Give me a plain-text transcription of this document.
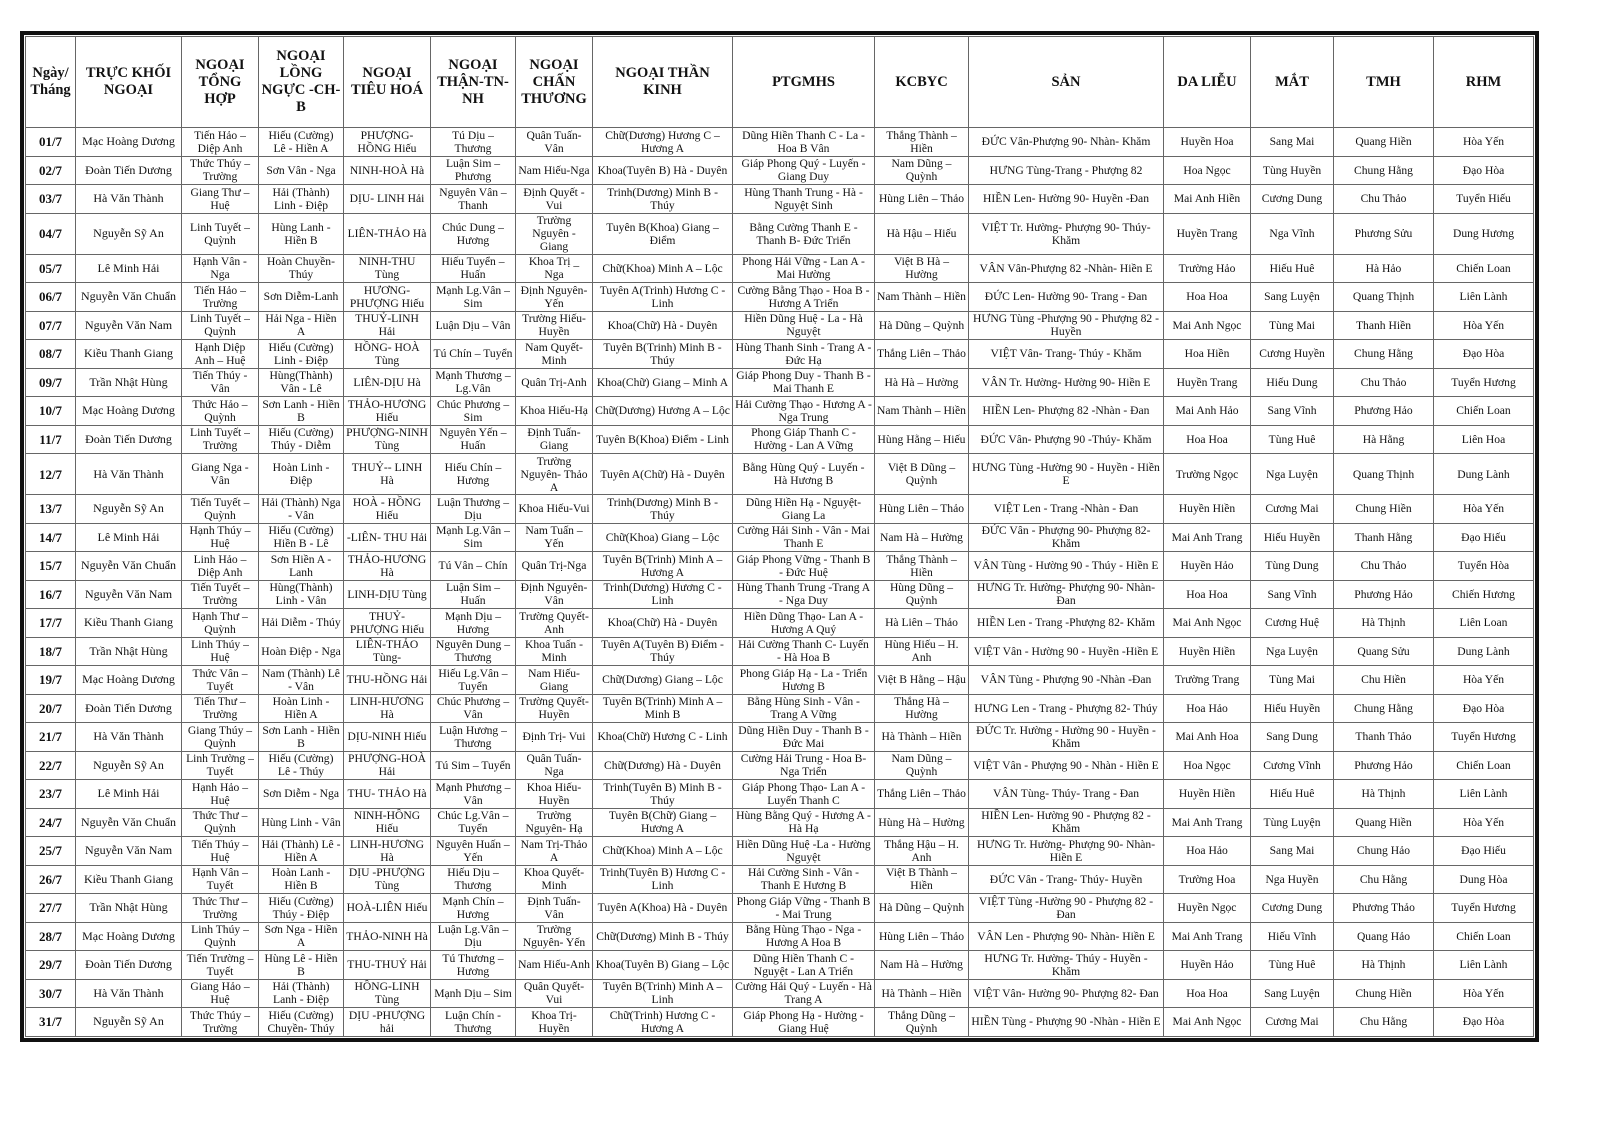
Ngày/ Tháng	TRỰC KHỐI NGOẠI	NGOẠI TỔNG HỢP	NGOẠI LỒNG NGỰC -CH-B	NGOẠI TIÊU HOÁ	NGOẠI THẬN-TN-NH	NGOẠI CHẤN THƯƠNG	NGOẠI THẦN KINH	PTGMHS	KCBYC	SẢN	DA LIỄU	MẮT	TMH	RHM
01/7	Mạc Hoàng Dương	Tiến Hảo – Diệp Anh	Hiếu (Cường) Lê - Hiền A	PHƯỢNG-HỒNG Hiếu	Tú Dịu – Thương	Quân Tuấn-Vân	Chữ(Dương) Hương C – Hương A	Dũng Hiền Thanh C - La - Hoa B Vân	Thắng Thành – Hiền	ĐỨC Vân-Phượng 90- Nhàn- Khăm	Huyền Hoa	Sang Mai	Quang Hiền	Hòa Yến
02/7	Đoàn Tiến Dương	Thức Thúy – Trường	Sơn Vân - Nga	NINH-HOÀ Hà	Luận Sim – Phương	Nam Hiếu-Nga	Khoa(Tuyên B) Hà - Duyên	Giáp Phong Quý - Luyến - Giang Duy	Nam Dũng – Quỳnh	HƯNG Tùng-Trang - Phượng 82	Hoa Ngọc	Tùng Huyền	Chung Hằng	Đạo Hòa
03/7	Hà Văn Thành	Giang Thư – Huệ	Hải (Thành) Linh - Điệp	DỊU- LINH Hải	Nguyên Vân – Thanh	Định Quyết - Vui	Trinh(Dương) Minh B - Thúy	Hùng Thanh Trung - Hà - Nguyệt Sinh	Hùng Liên – Thảo	HIỀN Len- Hường 90- Huyền -Đan	Mai Anh Hiền	Cương Dung	Chu Thảo	Tuyển Hiếu
04/7	Nguyễn Sỹ An	Linh Tuyết – Quỳnh	Hùng Lanh - Hiền B	LIÊN-THẢO Hà	Chúc Dung – Hương	Trường Nguyên - Giang	Tuyên B(Khoa) Giang – Điểm	Bằng Cường Thanh E - Thanh B- Đức Triển	Hà Hậu – Hiếu	VIỆT Tr. Hường- Phượng 90- Thúy- Khăm	Huyền Trang	Nga Vĩnh	Phương Sửu	Dung Hương
05/7	Lê Minh Hải	Hạnh Vân - Nga	Hoàn Chuyền-Thúy	NINH-THU Tùng	Hiếu Tuyển – Huấn	Khoa Trị _ Nga	Chữ(Khoa) Minh A – Lộc	Phong Hải Vững - Lan A - Mai Hường	Việt B Hà – Hường	VÂN Vân-Phượng 82 -Nhàn- Hiền E	Trường Hảo	Hiếu Huê	Hà Hảo	Chiến Loan
06/7	Nguyễn Văn Chuẩn	Tiến Hảo – Trường	Sơn Diễm-Lanh	HƯƠNG-PHƯỢNG Hiếu	Mạnh Lg.Vân – Sim	Định Nguyên-Yến	Tuyên A(Trinh) Hương C - Linh	Cường Bằng Thạo - Hoa B - Hương A Triển	Nam Thành – Hiền	ĐỨC Len- Hường 90- Trang - Đan	Hoa Hoa	Sang Luyện	Quang Thịnh	Liên Lành
07/7	Nguyễn Văn Nam	Linh Tuyết – Quỳnh	Hải Nga - Hiền A	THUỶ-LINH Hải	Luận Dịu – Vân	Trường Hiếu-Huyền	Khoa(Chữ) Hà - Duyên	Hiền Dũng Huệ - La - Hà Nguyệt	Hà Dũng – Quỳnh	HƯNG Tùng -Phượng 90 - Phượng 82 - Huyền	Mai Anh Ngọc	Tùng Mai	Thanh Hiền	Hòa Yến
08/7	Kiều Thanh Giang	Hạnh Diệp Anh – Huệ	Hiếu (Cường) Linh - Điệp	HỒNG- HOÀ Tùng	Tú Chín – Tuyển	Nam Quyết-Minh	Tuyên B(Trinh) Minh B - Thúy	Hùng Thanh Sinh - Trang A - Đức Hạ	Thắng Liên – Thảo	VIỆT Vân- Trang- Thúy - Khăm	Hoa Hiền	Cương Huyền	Chung Hằng	Đạo Hòa
09/7	Trần Nhật Hùng	Tiến Thúy - Vân	Hùng(Thành) Vân - Lê	LIÊN-DỊU Hà	Mạnh Thương – Lg.Vân	Quân Trị-Anh	Khoa(Chữ) Giang – Minh A	Giáp Phong Duy - Thanh B - Mai Thanh E	Hà Hà – Hường	VÂN Tr. Hường- Hường 90- Hiền E	Huyền Trang	Hiếu Dung	Chu Thảo	Tuyển Hương
10/7	Mạc Hoàng Dương	Thức Hảo – Quỳnh	Sơn Lanh - Hiền B	THẢO-HƯƠNG Hiếu	Chúc Phương – Sim	Khoa Hiếu-Hạ	Chữ(Dương) Hương A – Lộc	Hải Cường Thạo - Hương A - Nga Trung	Nam Thành – Hiền	HIỀN Len- Phượng 82 -Nhàn - Đan	Mai Anh Hảo	Sang Vĩnh	Phương Hảo	Chiến Loan
11/7	Đoàn Tiến Dương	Linh Tuyết – Trường	Hiếu (Cường) Thúy - Diễm	PHƯỢNG-NINH Tùng	Nguyên Yến – Huấn	Định Tuấn-Giang	Tuyên B(Khoa) Điểm - Linh	Phong Giáp Thanh C - Hường - Lan A Vững	Hùng Hằng – Hiếu	ĐỨC Vân- Phượng 90 -Thúy- Khăm	Hoa Hoa	Tùng Huê	Hà Hằng	Liên Hoa
12/7	Hà Văn Thành	Giang Nga - Vân	Hoàn Linh - Điệp	THUỶ-- LINH Hà	Hiếu Chín – Hương	Trường Nguyên- Thảo A	Tuyên A(Chữ) Hà - Duyên	Bằng Hùng Quý - Luyến - Hà Hương B	Việt B Dũng – Quỳnh	HƯNG Tùng -Hường 90 - Huyền - Hiền E	Trường Ngọc	Nga Luyện	Quang Thịnh	Dung Lành
13/7	Nguyễn Sỹ An	Tiến Tuyết – Quỳnh	Hải (Thành) Nga - Vân	HOÀ - HỒNG Hiếu	Luận Thương – Dịu	Khoa Hiếu-Vui	Trinh(Dương) Minh B - Thúy	Dũng Hiền Hạ - Nguyệt- Giang La	Hùng Liên – Thảo	VIỆT Len - Trang -Nhàn - Đan	Huyền Hiền	Cương Mai	Chung Hiền	Hòa Yến
14/7	Lê Minh Hải	Hạnh Thúy – Huệ	Hiếu (Cường) Hiền B - Lê	-LIÊN- THU Hải	Mạnh Lg.Vân – Sim	Nam Tuấn – Yến	Chữ(Khoa) Giang – Lộc	Cường Hải Sinh - Vân - Mai Thanh E	Nam Hà – Hường	ĐỨC Vân - Phượng 90- Phượng 82- Khăm	Mai Anh Trang	Hiếu Huyền	Thanh Hằng	Đạo Hiếu
15/7	Nguyễn Văn Chuẩn	Linh Hảo – Diệp Anh	Sơn Hiền A - Lanh	THẢO-HƯƠNG Hà	Tú Vân – Chín	Quân Trị-Nga	Tuyên B(Trinh) Minh A – Hương A	Giáp Phong Vững - Thanh B - Đức Huệ	Thắng Thành – Hiền	VÂN Tùng - Hường 90 - Thúy - Hiền E	Huyền Hảo	Tùng Dung	Chu Thảo	Tuyển Hòa
16/7	Nguyễn Văn Nam	Tiến Tuyết – Trường	Hùng(Thành) Linh - Vân	LINH-DỊU Tùng	Luận Sim – Huấn	Định Nguyên-Vân	Trinh(Dương) Hương C - Linh	Hùng Thanh Trung -Trang A - Nga Duy	Hùng Dũng – Quỳnh	HƯNG Tr. Hường- Phượng 90- Nhàn- Đan	Hoa Hoa	Sang Vĩnh	Phương Hảo	Chiến Hương
17/7	Kiều Thanh Giang	Hạnh Thư – Quỳnh	Hải Diễm - Thúy	THUỶ-PHƯỢNG Hiếu	Mạnh Dịu – Hương	Trường Quyết- Anh	Khoa(Chữ) Hà - Duyên	Hiền Dũng Thạo- Lan A - Hương A Quý	Hà Liên – Thảo	HIỀN Len - Trang -Phượng 82- Khăm	Mai Anh Ngọc	Cương Huệ	Hà Thịnh	Liên Loan
18/7	Trần Nhật Hùng	Linh Thúy – Huệ	Hoàn Điệp - Nga	LIÊN-THẢO Tùng-	Nguyên Dung – Thương	Khoa Tuấn - Minh	Tuyên A(Tuyên B) Điểm - Thúy	Hải Cường Thanh C- Luyến - Hà Hoa B	Hùng Hiếu – H. Anh	VIỆT Vân - Hường 90 - Huyền -Hiền E	Huyền Hiền	Nga Luyện	Quang Sửu	Dung Lành
19/7	Mạc Hoàng Dương	Thức Vân – Tuyết	Nam (Thành) Lê - Vân	THU-HỒNG Hải	Hiếu Lg.Vân – Tuyển	Nam Hiếu-Giang	Chữ(Dương) Giang – Lộc	Phong Giáp Hạ - La - Triển Hương B	Việt B Hằng – Hậu	VÂN Tùng - Phượng 90 -Nhàn -Đan	Trường Trang	Tùng Mai	Chu Hiền	Hòa Yến
20/7	Đoàn Tiến Dương	Tiến Thư – Trường	Hoàn Linh - Hiền A	LINH-HƯƠNG Hà	Chúc Phương – Vân	Trường Quyết- Huyền	Tuyên B(Trinh) Minh A – Minh B	Bằng Hùng Sinh - Vân - Trang A Vững	Thắng Hà – Hường	HƯNG Len - Trang - Phượng 82- Thúy	Hoa Hảo	Hiếu Huyền	Chung Hằng	Đạo Hòa
21/7	Hà Văn Thành	Giang Thúy – Quỳnh	Sơn Lanh - Hiền B	DỊU-NINH Hiếu	Luận Hương – Thương	Định Trị- Vui	Khoa(Chữ) Hương C - Linh	Dũng Hiền Duy - Thanh B - Đức Mai	Hà Thành – Hiền	ĐỨC Tr. Hường - Hường 90 - Huyền - Khăm	Mai Anh Hoa	Sang Dung	Thanh Thảo	Tuyển Hương
22/7	Nguyễn Sỹ An	Linh Trường – Tuyết	Hiếu (Cường) Lê - Thúy	PHƯỢNG-HOÀ Hải	Tú Sim – Tuyển	Quân Tuấn-Nga	Chữ(Dương) Hà - Duyên	Cường Hải Trung - Hoa B- Nga Triển	Nam Dũng – Quỳnh	VIỆT Vân - Phượng 90 - Nhàn - Hiền E	Hoa Ngọc	Cương Vĩnh	Phương Hảo	Chiến Loan
23/7	Lê Minh Hải	Hạnh Hảo – Huệ	Sơn Diễm - Nga	THU- THẢO Hà	Mạnh Phương – Vân	Khoa Hiếu-Huyền	Trinh(Tuyên B) Minh B - Thúy	Giáp Phong Thạo- Lan A - Luyến Thanh C	Thắng Liên – Thảo	VÂN Tùng- Thúy- Trang - Đan	Huyền Hiền	Hiếu Huê	Hà Thịnh	Liên Lành
24/7	Nguyễn Văn Chuẩn	Thức Thư – Quỳnh	Hùng Linh - Vân	NINH-HỒNG Hiếu	Chúc Lg.Vân – Tuyển	Trường Nguyên- Hạ	Tuyên B(Chữ) Giang – Hương A	Hùng Bằng Quý - Hương A - Hà Hạ	Hùng Hà – Hường	HIỀN Len- Hường 90 - Phượng 82 - Khăm	Mai Anh Trang	Tùng Luyện	Quang Hiền	Hòa Yến
25/7	Nguyễn Văn Nam	Tiến Thúy – Huệ	Hải (Thành) Lê - Hiền A	LINH-HƯƠNG Hà	Nguyên Huấn – Yến	Nam Trị-Thảo A	Chữ(Khoa) Minh A – Lộc	Hiền Dũng Huệ -La - Hường Nguyệt	Thắng Hậu – H. Anh	HƯNG Tr. Hường- Phượng 90- Nhàn- Hiền E	Hoa Hảo	Sang Mai	Chung Hảo	Đạo Hiếu
26/7	Kiều Thanh Giang	Hạnh Vân – Tuyết	Hoàn Lanh - Hiền B	DỊU -PHƯỢNG Tùng	Hiếu Dịu – Thương	Khoa Quyết-Minh	Trinh(Tuyên B) Hương C - Linh	Hải Cường Sinh - Vân - Thanh E Hương B	Việt B Thành – Hiền	ĐỨC Vân - Trang- Thúy- Huyền	Trường Hoa	Nga Huyền	Chu Hằng	Dung Hòa
27/7	Trần Nhật Hùng	Thức Thư – Trường	Hiếu (Cường) Thúy - Điệp	HOÀ-LIÊN Hiếu	Mạnh Chín – Hương	Định Tuấn-Vân	Tuyên A(Khoa) Hà - Duyên	Phong Giáp Vững - Thanh B - Mai Trung	Hà Dũng – Quỳnh	VIỆT Tùng -Hường 90 - Phượng 82 - Đan	Huyền Ngọc	Cương Dung	Phương Thảo	Tuyển Hương
28/7	Mạc Hoàng Dương	Linh Thúy – Quỳnh	Sơn Nga - Hiền A	THẢO-NINH Hà	Luận Lg.Vân – Dịu	Trường Nguyên- Yến	Chữ(Dương) Minh B - Thúy	Bằng Hùng Thạo - Nga - Hương A Hoa B	Hùng Liên – Thảo	VÂN Len - Phượng 90- Nhàn- Hiền E	Mai Anh Trang	Hiếu Vĩnh	Quang Hảo	Chiến Loan
29/7	Đoàn Tiến Dương	Tiến Trường – Tuyết	Hùng Lê - Hiền B	THU-THUỶ Hải	Tú Thương – Hương	Nam Hiếu-Anh	Khoa(Tuyên B) Giang – Lộc	Dũng Hiền Thanh C - Nguyệt - Lan A Triển	Nam Hà – Hường	HƯNG Tr. Hường- Thúy - Huyền - Khăm	Huyền Hảo	Tùng Huê	Hà Thịnh	Liên Lành
30/7	Hà Văn Thành	Giang Hảo – Huệ	Hải (Thành) Lanh - Điệp	HỒNG-LINH Tùng	Mạnh Dịu – Sim	Quân Quyết-Vui	Tuyên B(Trinh) Minh A – Linh	Cường Hải Quý - Luyến - Hà Trang A	Hà Thành – Hiền	VIỆT Vân- Hường 90- Phượng 82- Đan	Hoa Hoa	Sang Luyện	Chung Hiền	Hòa Yến
31/7	Nguyễn Sỹ An	Thức Thúy – Trường	Hiếu (Cường) Chuyền- Thúy	DỊU -PHƯỢNG hải	Luận Chín - Thương	Khoa Trị-Huyền	Chữ(Trinh) Hương C - Hương A	Giáp Phong Hạ - Hường - Giang Huệ	Thắng Dũng – Quỳnh	HIỀN Tùng - Phượng 90 -Nhàn - Hiền E	Mai Anh Ngọc	Cương Mai	Chu Hằng	Đạo Hòa
